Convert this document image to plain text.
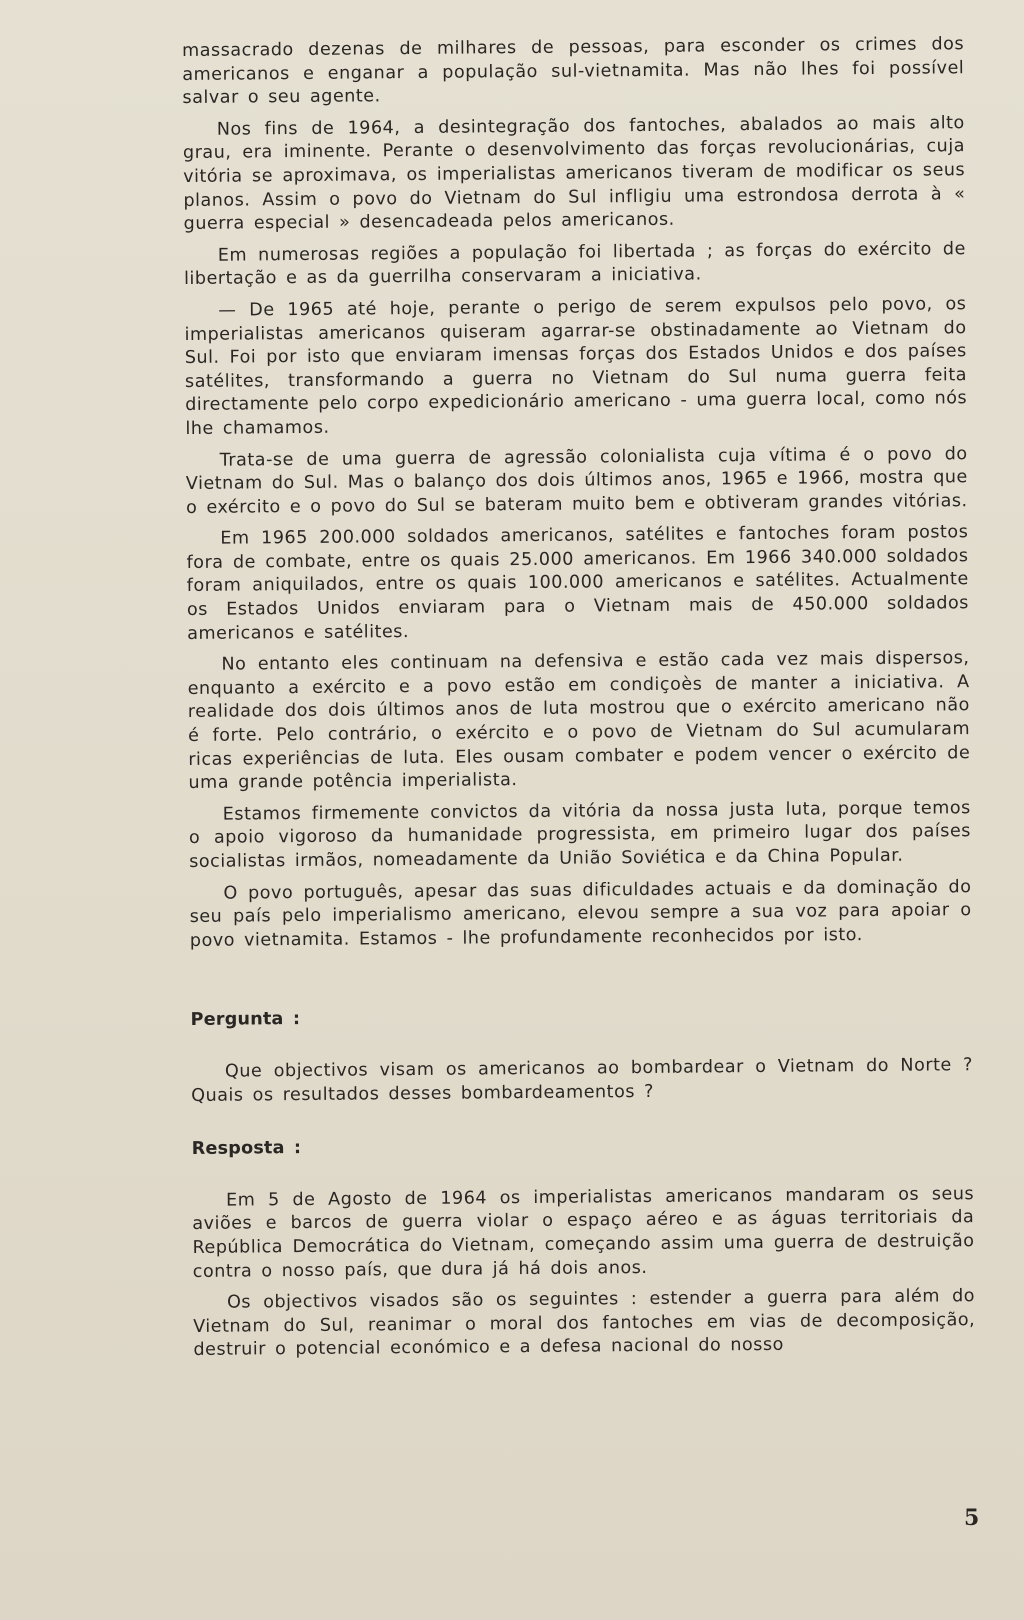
massacrado dezenas de milhares de pessoas, para esconder os crimes dos americanos e enganar a população sul-vietnamita. Mas não lhes foi possível salvar o seu agente.

Nos fins de 1964, a desintegração dos fantoches, abalados ao mais alto grau, era iminente. Perante o desenvolvimento das forças revolucionárias, cuja vitória se aproximava, os imperialistas americanos tiveram de modificar os seus planos. Assim o povo do Vietnam do Sul infligiu uma estrondosa derrota à « guerra especial » desencadeada pelos americanos.

Em numerosas regiões a população foi libertada ; as forças do exército de libertação e as da guerrilha conservaram a iniciativa.

— De 1965 até hoje, perante o perigo de serem expulsos pelo povo, os imperialistas americanos quiseram agarrar-se obstinadamente ao Vietnam do Sul. Foi por isto que enviaram imensas forças dos Estados Unidos e dos países satélites, transformando a guerra no Vietnam do Sul numa guerra feita directamente pelo corpo expedicionário americano - uma guerra local, como nós lhe chamamos.

Trata-se de uma guerra de agressão colonialista cuja vítima é o povo do Vietnam do Sul. Mas o balanço dos dois últimos anos, 1965 e 1966, mostra que o exército e o povo do Sul se bateram muito bem e obtiveram grandes vitórias.

Em 1965 200.000 soldados americanos, satélites e fantoches foram postos fora de combate, entre os quais 25.000 americanos. Em 1966 340.000 soldados foram aniquilados, entre os quais 100.000 americanos e satélites. Actualmente os Estados Unidos enviaram para o Vietnam mais de 450.000 soldados americanos e satélites.

No entanto eles continuam na defensiva e estão cada vez mais dispersos, enquanto a exército e a povo estão em condiçoès de manter a iniciativa. A realidade dos dois últimos anos de luta mostrou que o exército americano não é forte. Pelo contrário, o exército e o povo de Vietnam do Sul acumularam ricas experiências de luta. Eles ousam combater e podem vencer o exército de uma grande potência imperialista.

Estamos firmemente convictos da vitória da nossa justa luta, porque temos o apoio vigoroso da humanidade progressista, em primeiro lugar dos países socialistas irmãos, nomeadamente da União Soviética e da China Popular.

O povo português, apesar das suas dificuldades actuais e da dominação do seu país pelo imperialismo americano, elevou sempre a sua voz para apoiar o povo vietnamita. Estamos - lhe profundamente reconhecidos por isto.

Pergunta :

Que objectivos visam os americanos ao bombardear o Vietnam do Norte ? Quais os resultados desses bombardeamentos ?

Resposta :

Em 5 de Agosto de 1964 os imperialistas americanos mandaram os seus aviões e barcos de guerra violar o espaço aéreo e as águas territoriais da República Democrática do Vietnam, começando assim uma guerra de destruição contra o nosso país, que dura já há dois anos.

Os objectivos visados são os seguintes : estender a guerra para além do Vietnam do Sul, reanimar o moral dos fantoches em vias de decomposição, destruir o potencial económico e a defesa nacional do nosso

5
